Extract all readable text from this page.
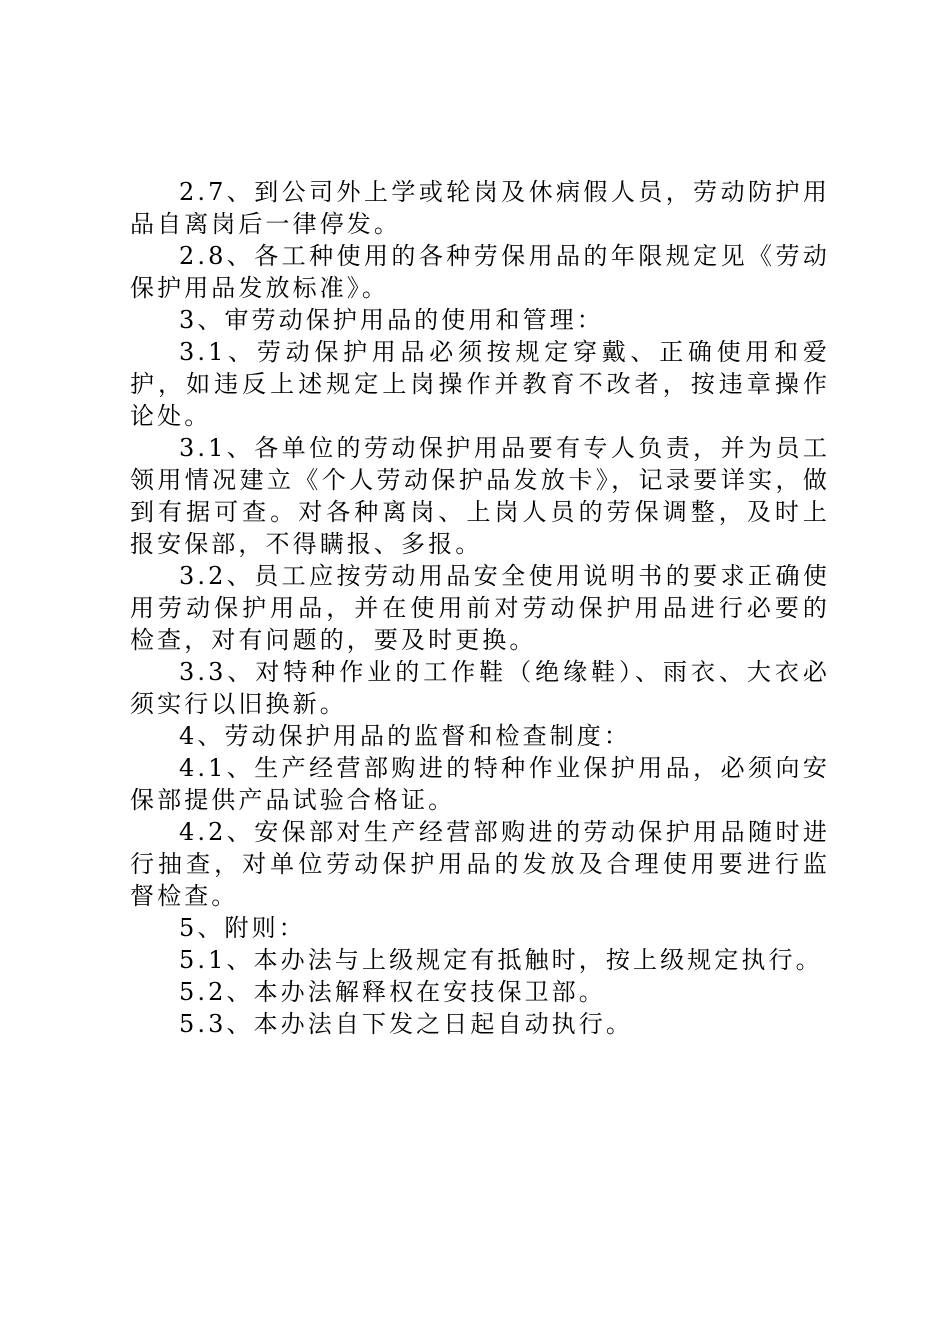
2.7、到公司外上学或轮岗及休病假人员，劳动防护用品自离岗后一律停发。

2.8、各工种使用的各种劳保用品的年限规定见《劳动保护用品发放标准》。

3、审劳动保护用品的使用和管理：

3.1、劳动保护用品必须按规定穿戴、正确使用和爱护，如违反上述规定上岗操作并教育不改者，按违章操作论处。

3.1、各单位的劳动保护用品要有专人负责，并为员工领用情况建立《个人劳动保护品发放卡》，记录要详实，做到有据可查。对各种离岗、上岗人员的劳保调整，及时上报安保部，不得瞒报、多报。

3.2、员工应按劳动用品安全使用说明书的要求正确使用劳动保护用品，并在使用前对劳动保护用品进行必要的检查，对有问题的，要及时更换。

3.3、对特种作业的工作鞋（绝缘鞋）、雨衣、大衣必须实行以旧换新。

4、劳动保护用品的监督和检查制度：

4.1、生产经营部购进的特种作业保护用品，必须向安保部提供产品试验合格证。

4.2、安保部对生产经营部购进的劳动保护用品随时进行抽查，对单位劳动保护用品的发放及合理使用要进行监督检查。

5、附则：

5.1、本办法与上级规定有抵触时，按上级规定执行。

5.2、本办法解释权在安技保卫部。

5.3、本办法自下发之日起自动执行。
